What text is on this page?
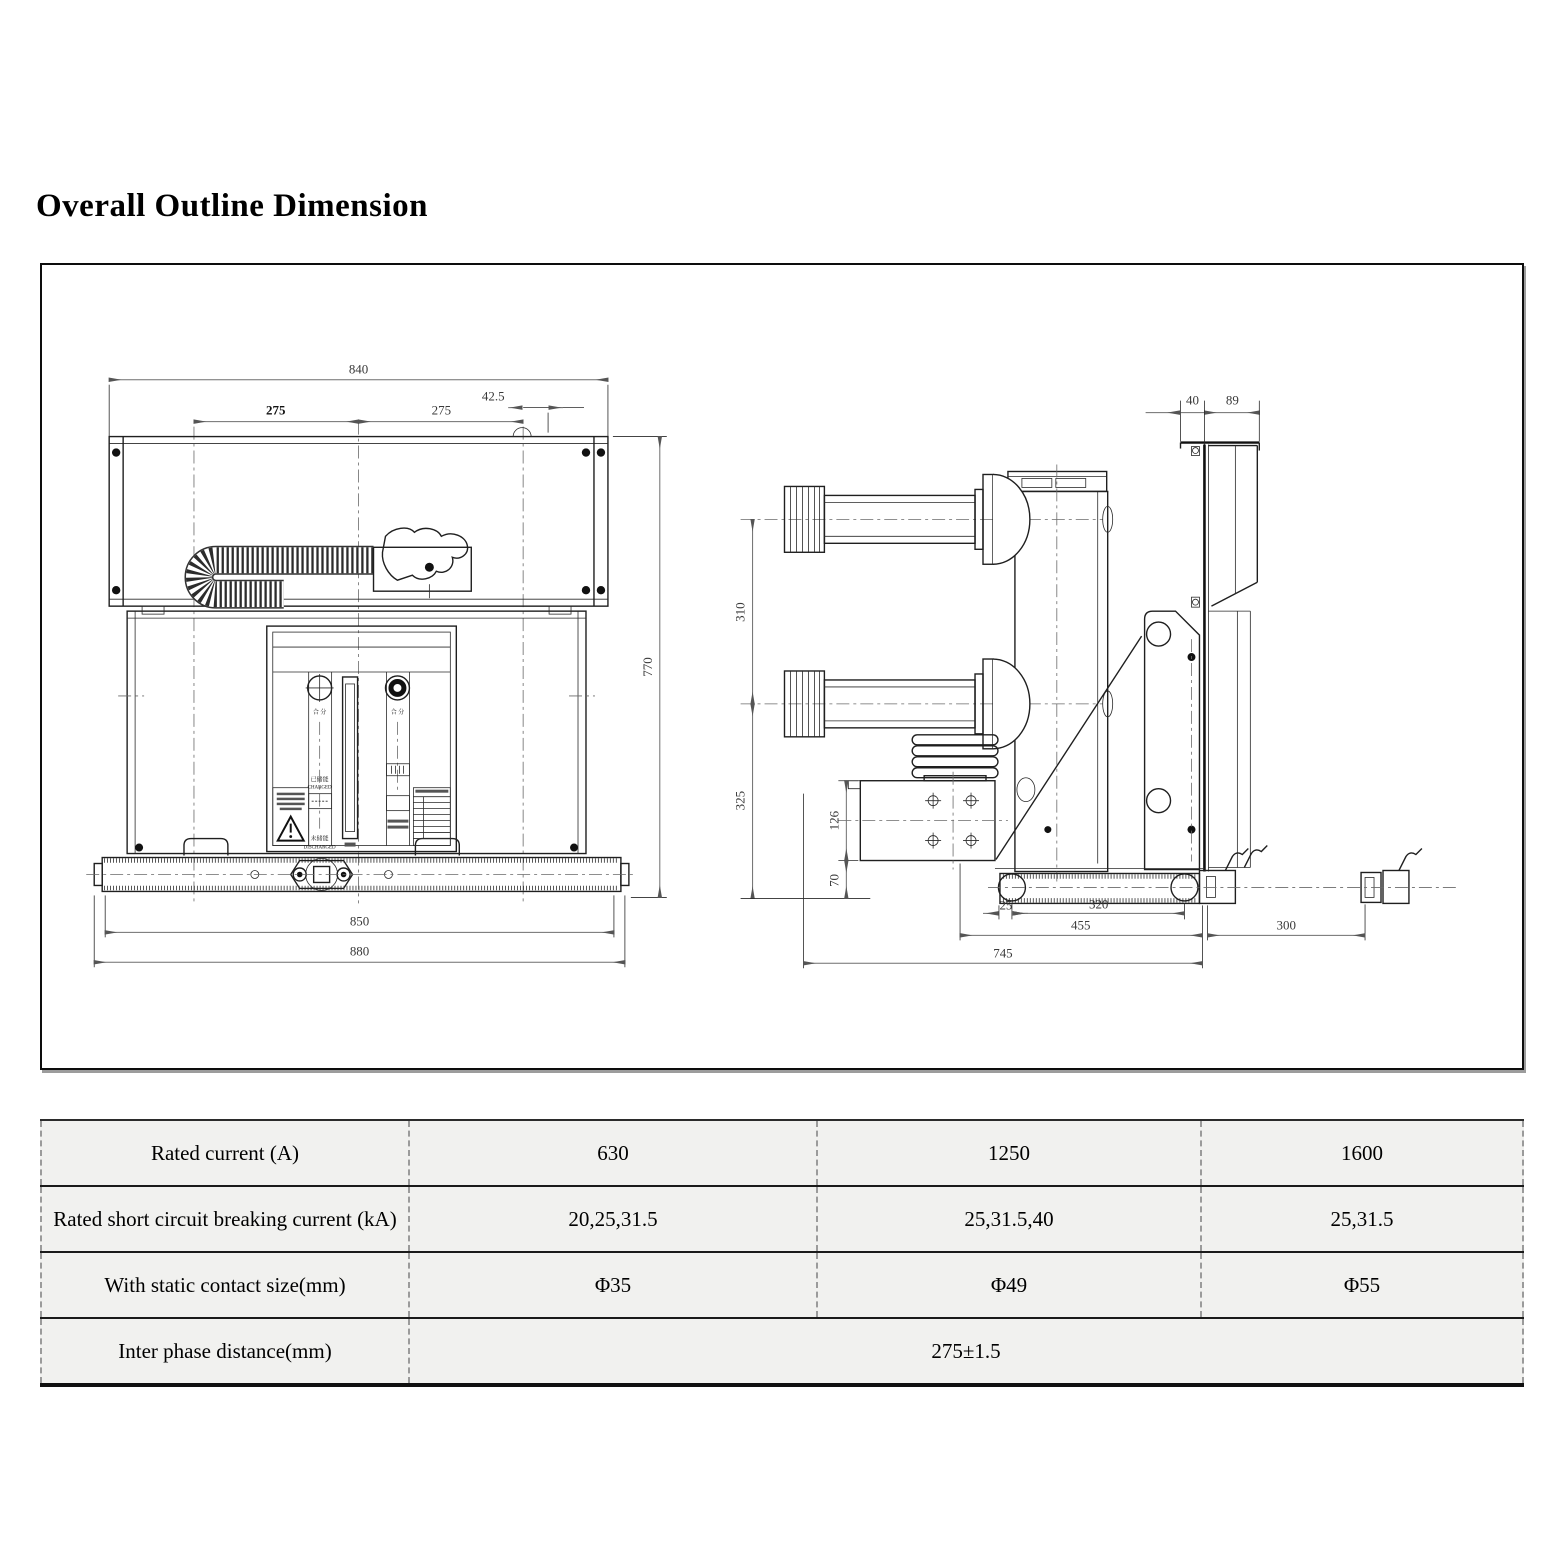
Overall Outline Dimension
840
275	275
42.5
合 分	合 分
已储能
CHARGED
未储能
DISCHARGED
850
880
770
310
325
126
70
40 89
25	320
455	300
745
Rated current (A)	630	1250	1600
Rated short circuit breaking current (kA)	20,25,31.5	25,31.5,40	25,31.5
With static contact size(mm)	Φ35	Φ49	Φ55
Inter phase distance(mm)	275±1.5		
